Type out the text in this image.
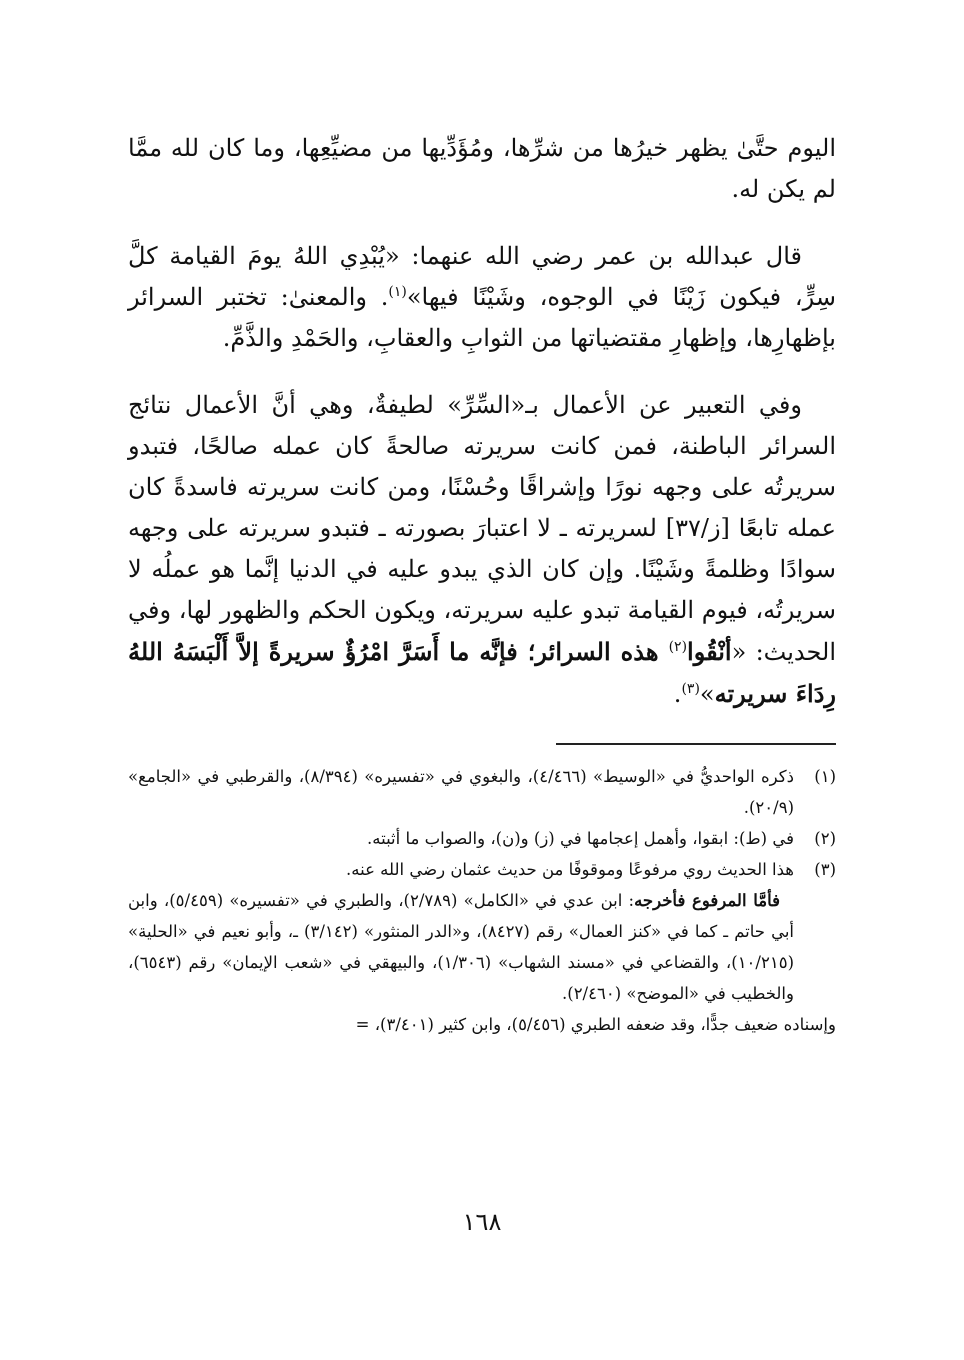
اليوم حتَّىٰ يظهر خيرُها من شرِّها، ومُؤَدِّيها من مضيِّعِها، وما كان لله ممَّا لم يكن له.

قال عبدالله بن عمر رضي الله عنهما: «يُبْدِي اللهُ يومَ القيامة كلَّ سِرٍّ، فيكون زَيْنًا في الوجوه، وشَيْنًا فيها»$^{(١)}$. والمعنىٰ: تختبر السرائر بإظهارِها، وإظهارِ مقتضياتها من الثوابِ والعقابِ، والحَمْدِ والذَّمِّ.

وفي التعبير عن الأعمال بـ«السِّرِّ» لطيفةٌ، وهي أنَّ الأعمال نتائج السرائر الباطنة، فمن كانت سريرته صالحةً كان عمله صالحًا، فتبدو سريرتُه على وجهه نورًا وإشراقًا وحُسْنًا، ومن كانت سريرته فاسدةً كان عمله تابعًا [ز/٣٧] لسريرته ـ لا اعتبارَ بصورته ـ فتبدو سريرته على وجهه سوادًا وظلمةً وشَيْنًا. وإن كان الذي يبدو عليه في الدنيا إنَّما هو عملُه لا سريرتُه، فيوم القيامة تبدو عليه سريرته، ويكون الحكم والظهور لها، وفي الحديث: «أنْقُوا$^{(٢)}$ هذه السرائر؛ فإنَّه ما أَسَرَّ امْرُؤٌ سريرةً إلاَّ أَلْبَسَهُ اللهُ رِدَاءَ سريرته»$^{(٣)}$.

(١)
ذكره الواحديُّ في «الوسيط» (٤/٤٦٦)، والبغوي في «تفسيره» (٨/٣٩٤)، والقرطبي في «الجامع» (٢٠/٩).
(٢)
في (ط): ابقوا، وأهمل إعجامها في (ز) و(ن)، والصواب ما أثبته.
(٣)
هذا الحديث روي مرفوعًا وموقوفًا من حديث عثمان رضي الله عنه.

فأمَّا المرفوع فأخرجه: ابن عدي في «الكامل» (٢/٧٨٩)، والطبري في «تفسيره» (٥/٤٥٩)، وابن أبي حاتم ـ كما في «كنز العمال» رقم (٨٤٢٧)، و«الدر المنثور» (٣/١٤٢) ـ، وأبو نعيم في «الحلية» (١٠/٢١٥)، والقضاعي في «مسند الشهاب» (١/٣٠٦)، والبيهقي في «شعب الإيمان» رقم (٦٥٤٣)، والخطيب في «الموضح» (٢/٤٦٠).

وإسناده ضعيف جدًّا، وقد ضعفه الطبري (٥/٤٥٦)، وابن كثير (٣/٤٠١)، =

١٦٨
